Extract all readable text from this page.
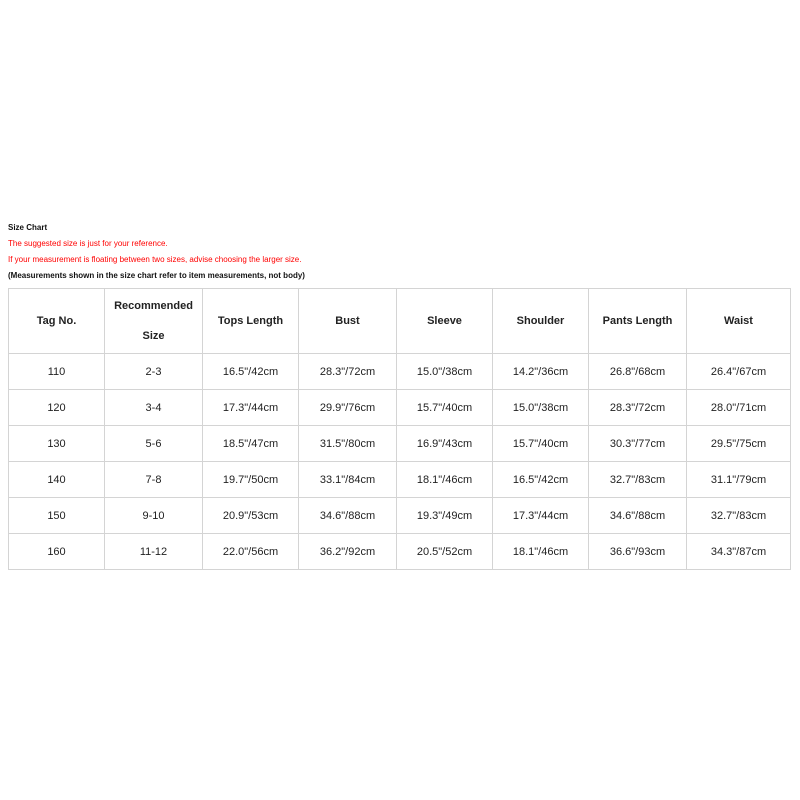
Size Chart
The suggested size is just for your reference.
If your measurement is floating between two sizes, advise choosing the larger size.
(Measurements shown in the size chart refer to item measurements, not body)
Tag No.	Recommended Size	Tops Length	Bust	Sleeve	Shoulder	Pants Length	Waist
110	2-3	16.5"/42cm	28.3"/72cm	15.0"/38cm	14.2"/36cm	26.8"/68cm	26.4"/67cm
120	3-4	17.3"/44cm	29.9"/76cm	15.7"/40cm	15.0"/38cm	28.3"/72cm	28.0"/71cm
130	5-6	18.5"/47cm	31.5"/80cm	16.9"/43cm	15.7"/40cm	30.3"/77cm	29.5"/75cm
140	7-8	19.7"/50cm	33.1"/84cm	18.1"/46cm	16.5"/42cm	32.7"/83cm	31.1"/79cm
150	9-10	20.9"/53cm	34.6"/88cm	19.3"/49cm	17.3"/44cm	34.6"/88cm	32.7"/83cm
160	11-12	22.0"/56cm	36.2"/92cm	20.5"/52cm	18.1"/46cm	36.6"/93cm	34.3"/87cm
